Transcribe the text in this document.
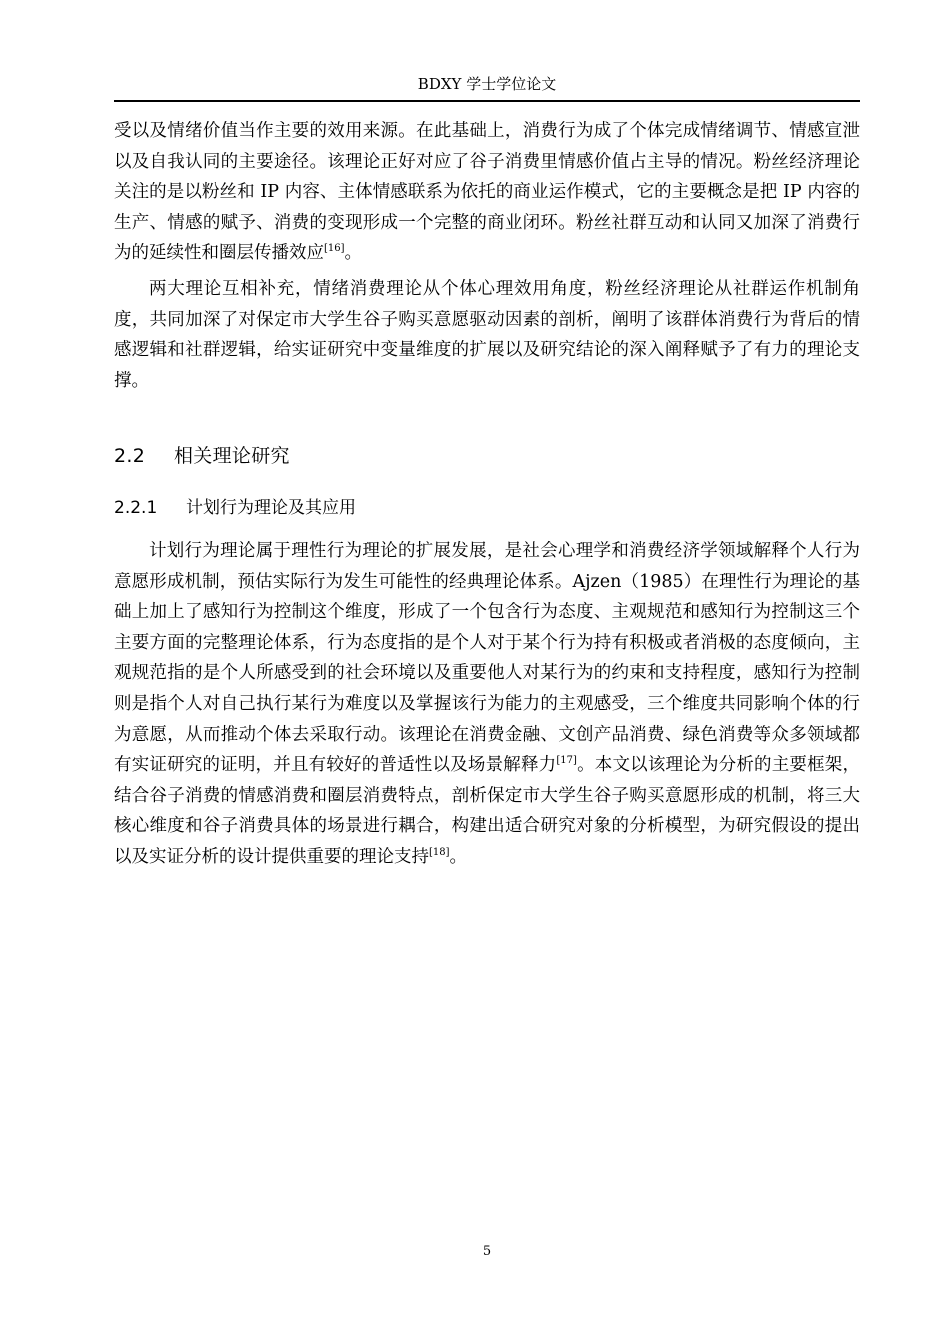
BDXY 学士学位论文

受以及情绪价值当作主要的效用来源。在此基础上，消费行为成了个体完成情绪调节、情感宣泄以及自我认同的主要途径。该理论正好对应了谷子消费里情感价值占主导的情况。粉丝经济理论关注的是以粉丝和 IP 内容、主体情感联系为依托的商业运作模式，它的主要概念是把 IP 内容的生产、情感的赋予、消费的变现形成一个完整的商业闭环。粉丝社群互动和认同又加深了消费行为的延续性和圈层传播效应[16]。

两大理论互相补充，情绪消费理论从个体心理效用角度，粉丝经济理论从社群运作机制角度，共同加深了对保定市大学生谷子购买意愿驱动因素的剖析，阐明了该群体消费行为背后的情感逻辑和社群逻辑，给实证研究中变量维度的扩展以及研究结论的深入阐释赋予了有力的理论支撑。

2.2 相关理论研究
2.2.1 计划行为理论及其应用

计划行为理论属于理性行为理论的扩展发展，是社会心理学和消费经济学领域解释个人行为意愿形成机制，预估实际行为发生可能性的经典理论体系。Ajzen（1985）在理性行为理论的基础上加上了感知行为控制这个维度，形成了一个包含行为态度、主观规范和感知行为控制这三个主要方面的完整理论体系，行为态度指的是个人对于某个行为持有积极或者消极的态度倾向，主观规范指的是个人所感受到的社会环境以及重要他人对某行为的约束和支持程度，感知行为控制则是指个人对自己执行某行为难度以及掌握该行为能力的主观感受，三个维度共同影响个体的行为意愿，从而推动个体去采取行动。该理论在消费金融、文创产品消费、绿色消费等众多领域都有实证研究的证明，并且有较好的普适性以及场景解释力[17]。本文以该理论为分析的主要框架，结合谷子消费的情感消费和圈层消费特点，剖析保定市大学生谷子购买意愿形成的机制，将三大核心维度和谷子消费具体的场景进行耦合，构建出适合研究对象的分析模型，为研究假设的提出以及实证分析的设计提供重要的理论支持[18]。

5
